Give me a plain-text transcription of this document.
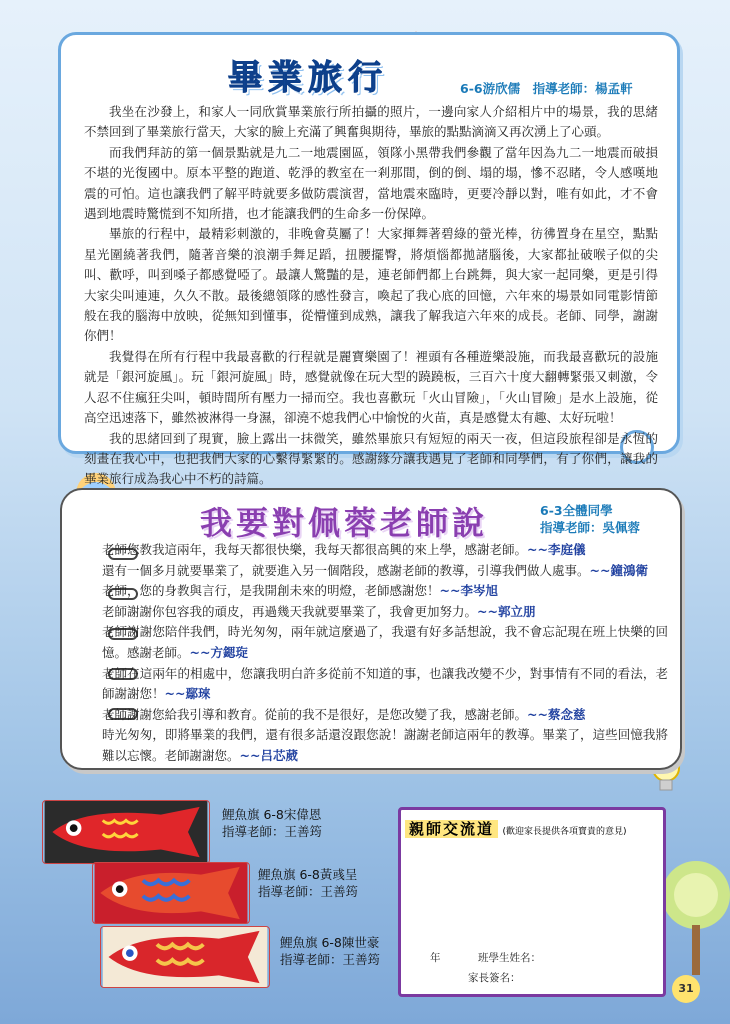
畢業旅行	6-6游欣儒　指導老師：楊孟軒

我坐在沙發上，和家人一同欣賞畢業旅行所拍攝的照片，一邊向家人介紹相片中的場景，我的思緒不禁回到了畢業旅行當天，大家的臉上充滿了興奮與期待，畢旅的點點滴滴又再次湧上了心頭。

而我們拜訪的第一個景點就是九二一地震園區，領隊小黑帶我們參觀了當年因為九二一地震而破損不堪的光復國中。原本平整的跑道、乾淨的教室在一剎那間，倒的倒、塌的塌，慘不忍睹，令人感嘆地震的可怕。這也讓我們了解平時就要多做防震演習，當地震來臨時，更要冷靜以對，唯有如此，才不會遇到地震時驚慌到不知所措，也才能讓我們的生命多一份保障。

畢旅的行程中，最精彩刺激的，非晚會莫屬了！大家揮舞著碧綠的螢光棒，彷彿置身在星空，點點星光圍繞著我們，隨著音樂的浪潮手舞足蹈，扭腰擺臀，將煩惱都拋諸腦後，大家都扯破喉子似的尖叫、歡呼，叫到嗓子都感覺啞了。最讓人驚豔的是，連老師們都上台跳舞，與大家一起同樂，更是引得大家尖叫連連，久久不散。最後總領隊的感性發言，喚起了我心底的回憶，六年來的場景如同電影情節般在我的腦海中放映，從無知到懂事，從懵懂到成熟，讓我了解我這六年來的成長。老師、同學，謝謝你們！

我覺得在所有行程中我最喜歡的行程就是麗寶樂園了！裡頭有各種遊樂設施，而我最喜歡玩的設施就是「銀河旋風」。玩「銀河旋風」時，感覺就像在玩大型的蹺蹺板，三百六十度大翻轉緊張又刺激，令人忍不住瘋狂尖叫，頓時間所有壓力一掃而空。我也喜歡玩「火山冒險」，「火山冒險」是水上設施，從高空迅速落下，雖然被淋得一身濕，卻澆不熄我們心中愉悅的火苗，真是感覺太有趣、太好玩啦！

我的思緒回到了現實，臉上露出一抹微笑，雖然畢旅只有短短的兩天一夜，但這段旅程卻是永恆的刻畫在我心中，也把我們大家的心繫得緊緊的。感謝緣分讓我遇見了老師和同學們，有了你們，讓我的畢業旅行成為我心中不朽的詩篇。

我要對佩蓉老師說	6-3全體同學
指導老師：吳佩蓉
老師您教我這兩年，我每天都很快樂，我每天都很高興的來上學，感謝老師。~~李庭儀
還有一個多月就要畢業了，就要進入另一個階段，感謝老師的教導，引導我們做人處事。~~鐘鴻衛
老師，您的身教與言行，是我開創未來的明燈，老師感謝您！~~李岑旭
老師謝謝你包容我的頑皮，再過幾天我就要畢業了，我會更加努力。~~郭立朋
老師謝謝您陪伴我們，時光匆匆，兩年就這麼過了，我還有好多話想說，我不會忘記現在班上快樂的回憶。感謝老師。~~方鍶琁
老師在這兩年的相處中，您讓我明白許多從前不知道的事，也讓我改變不少，對事情有不同的看法，老師謝謝您！~~鄢琜
老師謝謝您給我引導和教育。從前的我不是很好，是您改變了我，感謝老師。~~蔡念慈
時光匆匆，即將畢業的我們，還有很多話還沒跟您說！謝謝老師這兩年的教導。畢業了，這些回憶我將難以忘懷。老師謝謝您。~~吕芯葳
鯉魚旗 6-8宋偉恩
指導老師：王善筠
鯉魚旗 6-8黃彧呈
指導老師：王善筠
鯉魚旗 6-8陳世豪
指導老師：王善筠
親師交流道 (歡迎家長提供各項寶貴的意見)
年	班學生姓名：
家長簽名：
31
